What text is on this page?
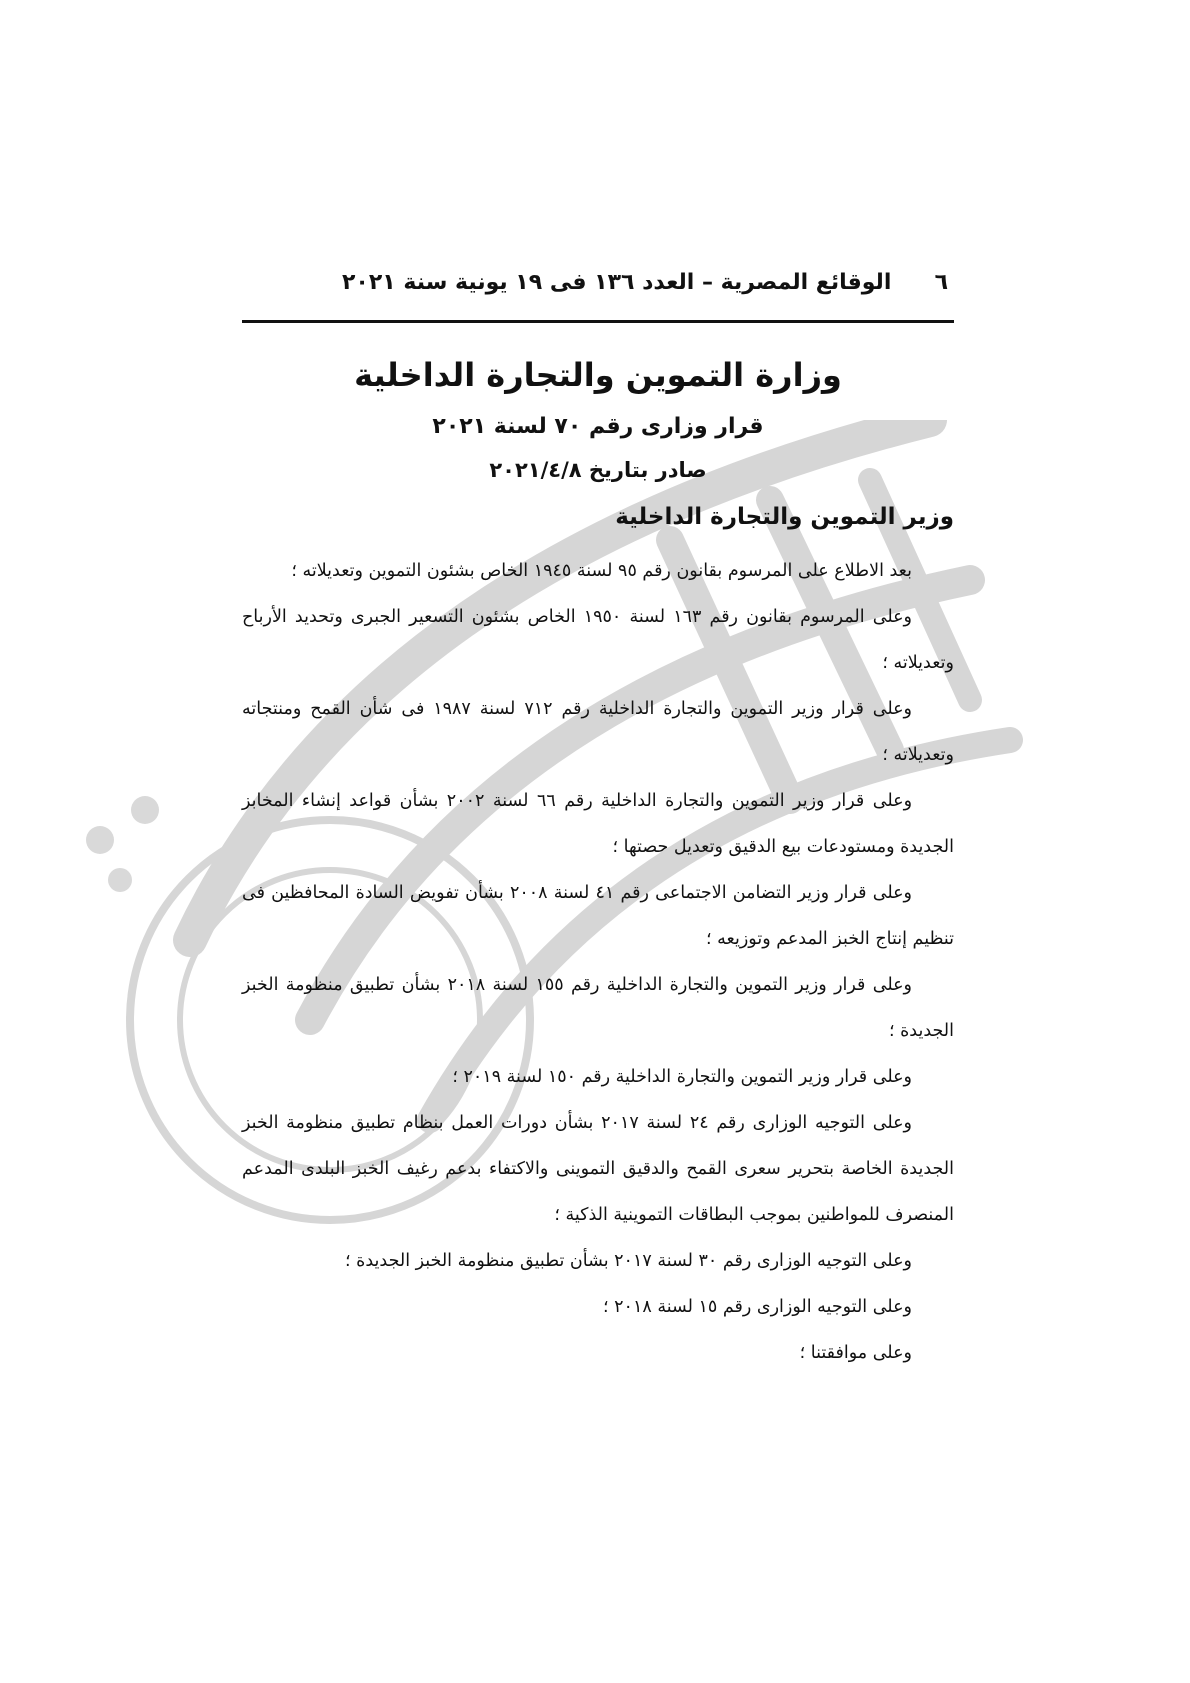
٦
الوقائع المصرية – العدد ١٣٦ فى ١٩ يونية سنة ٢٠٢١
وزارة التموين والتجارة الداخلية
قرار وزارى رقم ٧٠ لسنة ٢٠٢١
صادر بتاريخ ٢٠٢١/٤/٨
وزير التموين والتجارة الداخلية

بعد الاطلاع على المرسوم بقانون رقم ٩٥ لسنة ١٩٤٥ الخاص بشئون التموين وتعديلاته ؛

وعلى المرسوم بقانون رقم ١٦٣ لسنة ١٩٥٠ الخاص بشئون التسعير الجبرى وتحديد الأرباح وتعديلاته ؛

وعلى قرار وزير التموين والتجارة الداخلية رقم ٧١٢ لسنة ١٩٨٧ فى شأن القمح ومنتجاته وتعديلاته ؛

وعلى قرار وزير التموين والتجارة الداخلية رقم ٦٦ لسنة ٢٠٠٢ بشأن قواعد إنشاء المخابز الجديدة ومستودعات بيع الدقيق وتعديل حصتها ؛

وعلى قرار وزير التضامن الاجتماعى رقم ٤١ لسنة ٢٠٠٨ بشأن تفويض السادة المحافظين فى تنظيم إنتاج الخبز المدعم وتوزيعه ؛

وعلى قرار وزير التموين والتجارة الداخلية رقم ١٥٥ لسنة ٢٠١٨ بشأن تطبيق منظومة الخبز الجديدة ؛

وعلى قرار وزير التموين والتجارة الداخلية رقم ١٥٠ لسنة ٢٠١٩ ؛

وعلى التوجيه الوزارى رقم ٢٤ لسنة ٢٠١٧ بشأن دورات العمل بنظام تطبيق منظومة الخبز الجديدة الخاصة بتحرير سعرى القمح والدقيق التموينى والاكتفاء بدعم رغيف الخبز البلدى المدعم المنصرف للمواطنين بموجب البطاقات التموينية الذكية ؛

وعلى التوجيه الوزارى رقم ٣٠ لسنة ٢٠١٧ بشأن تطبيق منظومة الخبز الجديدة ؛

وعلى التوجيه الوزارى رقم ١٥ لسنة ٢٠١٨ ؛

وعلى موافقتنا ؛
